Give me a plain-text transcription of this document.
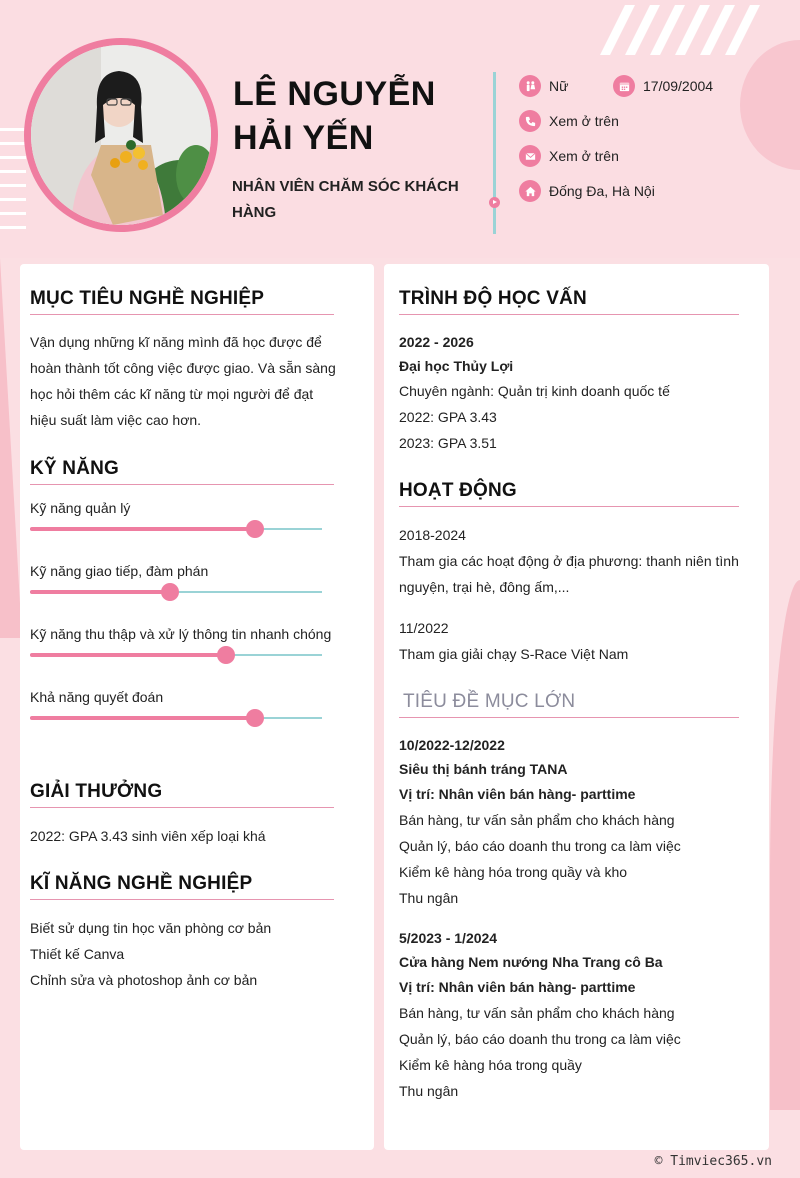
LÊ NGUYỄN
HẢI YẾN
NHÂN VIÊN CHĂM SÓC KHÁCH HÀNG
Nữ	17/09/2004
Xem ở trên
Xem ở trên
Đống Đa, Hà Nội
MỤC TIÊU NGHỀ NGHIỆP
Vận dụng những kĩ năng mình đã học được để
hoàn thành tốt công việc được giao. Và sẵn sàng
học hỏi thêm các kĩ năng từ mọi người để đạt
hiệu suất làm việc cao hơn.
KỸ NĂNG
Kỹ năng quản lý
Kỹ năng giao tiếp, đàm phán
Kỹ năng thu thập và xử lý thông tin nhanh chóng
Khả năng quyết đoán
GIẢI THƯỞNG
2022: GPA 3.43 sinh viên xếp loại khá
KĨ NĂNG NGHỀ NGHIỆP
Biết sử dụng tin học văn phòng cơ bản
Thiết kế Canva
Chỉnh sửa và photoshop ảnh cơ bản
TRÌNH ĐỘ HỌC VẤN
2022 - 2026
Đại học Thủy Lợi
Chuyên ngành: Quản trị kinh doanh quốc tế
2022: GPA 3.43
2023: GPA 3.51
HOẠT ĐỘNG
2018-2024
Tham gia các hoạt động ở địa phương: thanh niên tình
nguyện, trại hè, đông ấm,...
11/2022
Tham gia giải chạy S-Race Việt Nam
TIÊU ĐỀ MỤC LỚN
10/2022-12/2022
Siêu thị bánh tráng TANA
Vị trí: Nhân viên bán hàng- parttime
Bán hàng, tư vấn sản phẩm cho khách hàng
Quản lý, báo cáo doanh thu trong ca làm việc
Kiểm kê hàng hóa trong quầy và kho
Thu ngân
5/2023 - 1/2024
Cửa hàng Nem nướng Nha Trang cô Ba
Vị trí: Nhân viên bán hàng- parttime
Bán hàng, tư vấn sản phẩm cho khách hàng
Quản lý, báo cáo doanh thu trong ca làm việc
Kiểm kê hàng hóa trong quầy
Thu ngân
© Timviec365.vn
